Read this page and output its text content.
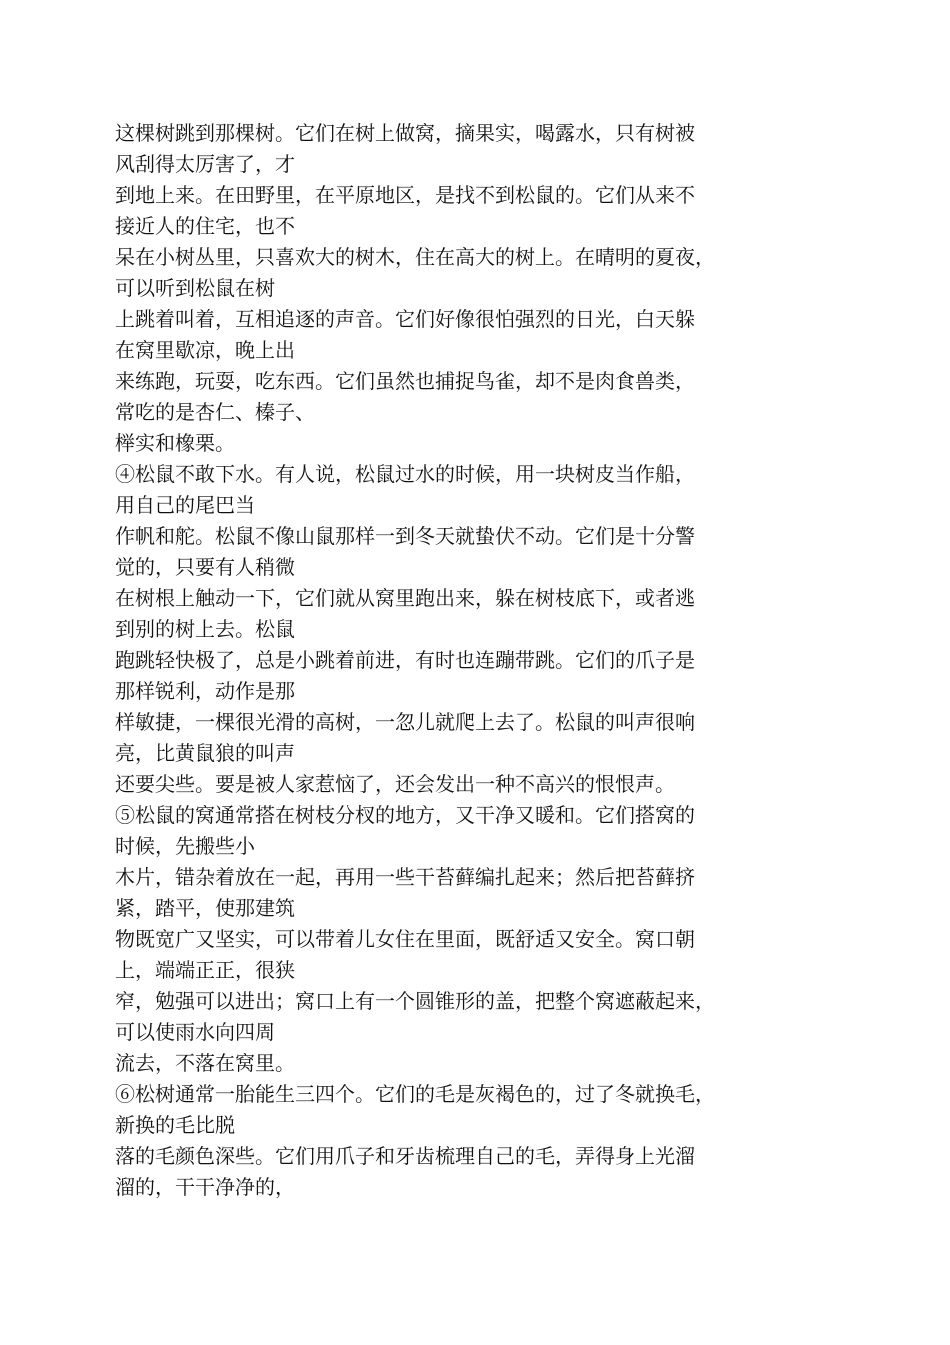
这棵树跳到那棵树。它们在树上做窝，摘果实，喝露水，只有树被
风刮得太厉害了，才
到地上来。在田野里，在平原地区，是找不到松鼠的。它们从来不
接近人的住宅，也不
呆在小树丛里，只喜欢大的树木，住在高大的树上。在晴明的夏夜，
可以听到松鼠在树
上跳着叫着，互相追逐的声音。它们好像很怕强烈的日光，白天躲
在窝里歇凉，晚上出
来练跑，玩耍，吃东西。它们虽然也捕捉鸟雀，却不是肉食兽类，
常吃的是杏仁、榛子、
榉实和橡栗。
④松鼠不敢下水。有人说，松鼠过水的时候，用一块树皮当作船，
用自己的尾巴当
作帆和舵。松鼠不像山鼠那样一到冬天就蛰伏不动。它们是十分警
觉的，只要有人稍微
在树根上触动一下，它们就从窝里跑出来，躲在树枝底下，或者逃
到别的树上去。松鼠
跑跳轻快极了，总是小跳着前进，有时也连蹦带跳。它们的爪子是
那样锐利，动作是那
样敏捷，一棵很光滑的高树，一忽儿就爬上去了。松鼠的叫声很响
亮，比黄鼠狼的叫声
还要尖些。要是被人家惹恼了，还会发出一种不高兴的恨恨声。
⑤松鼠的窝通常搭在树枝分杈的地方，又干净又暖和。它们搭窝的
时候，先搬些小
木片，错杂着放在一起，再用一些干苔藓编扎起来；然后把苔藓挤
紧，踏平，使那建筑
物既宽广又坚实，可以带着儿女住在里面，既舒适又安全。窝口朝
上，端端正正，很狭
窄，勉强可以进出；窝口上有一个圆锥形的盖，把整个窝遮蔽起来，
可以使雨水向四周
流去，不落在窝里。
⑥松树通常一胎能生三四个。它们的毛是灰褐色的，过了冬就换毛，
新换的毛比脱
落的毛颜色深些。它们用爪子和牙齿梳理自己的毛，弄得身上光溜
溜的，干干净净的，
